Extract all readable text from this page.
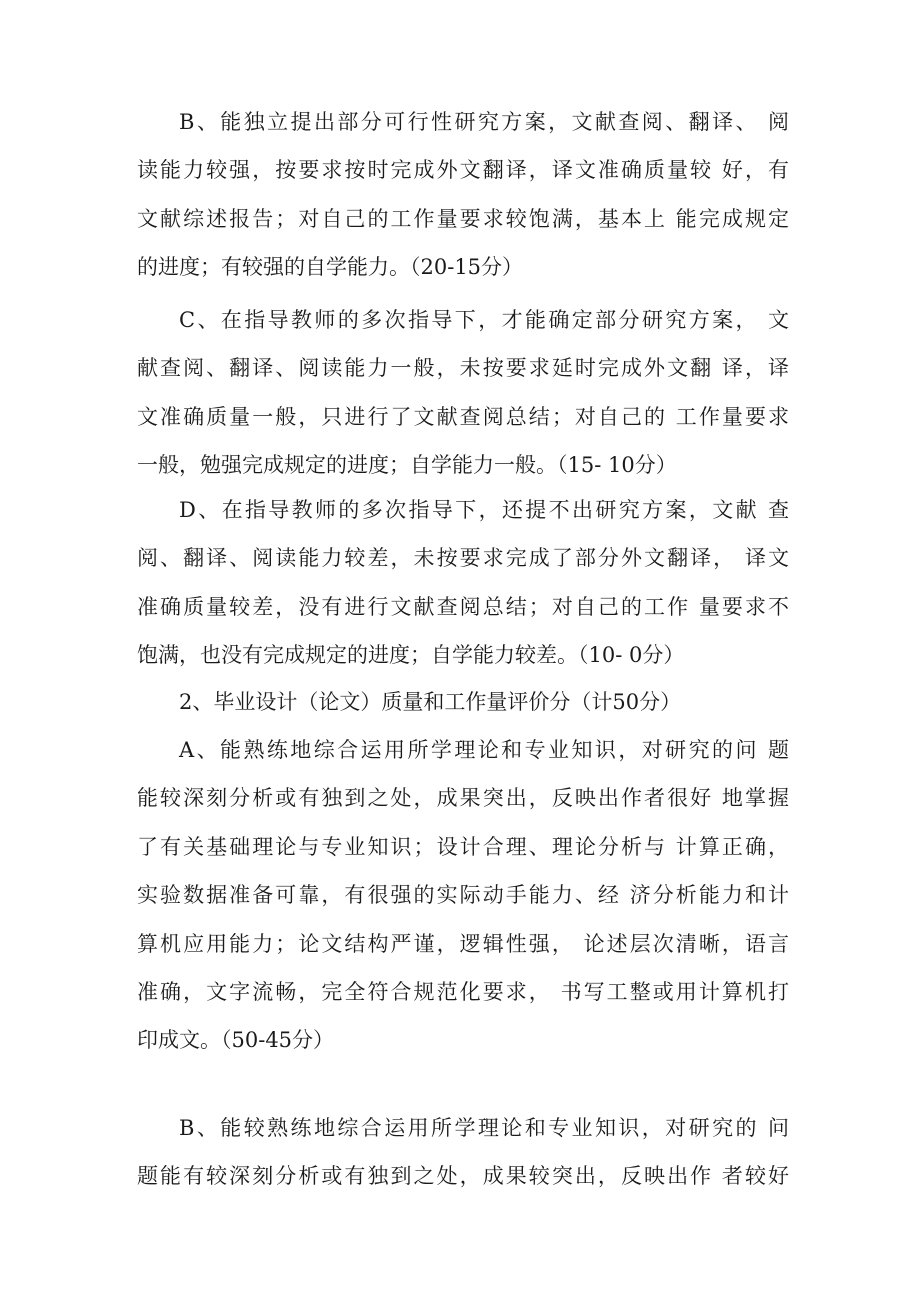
B、能独立提出部分可行性研究方案，文献查阅、翻译、 阅
读能力较强，按要求按时完成外文翻译，译文准确质量较 好，有
文献综述报告；对自己的工作量要求较饱满，基本上 能完成规定
的进度；有较强的自学能力。（20-15分）

C、在指导教师的多次指导下，才能确定部分研究方案， 文
献查阅、翻译、阅读能力一般，未按要求延时完成外文翻 译，译
文准确质量一般，只进行了文献查阅总结；对自己的 工作量要求
一般，勉强完成规定的进度；自学能力一般。（15- 10分）

D、在指导教师的多次指导下，还提不出研究方案，文献 查
阅、翻译、阅读能力较差，未按要求完成了部分外文翻译， 译文
准确质量较差，没有进行文献查阅总结；对自己的工作 量要求不
饱满，也没有完成规定的进度；自学能力较差。（10- 0分）

2、毕业设计（论文）质量和工作量评价分（计50分）

A、能熟练地综合运用所学理论和专业知识，对研究的问 题
能较深刻分析或有独到之处，成果突出，反映出作者很好 地掌握
了有关基础理论与专业知识；设计合理、理论分析与 计算正确，
实验数据准备可靠，有很强的实际动手能力、经 济分析能力和计
算机应用能力；论文结构严谨，逻辑性强， 论述层次清晰，语言
准确，文字流畅，完全符合规范化要求， 书写工整或用计算机打
印成文。（50-45分）

B、能较熟练地综合运用所学理论和专业知识，对研究的 问
题能有较深刻分析或有独到之处，成果较突出，反映出作 者较好
